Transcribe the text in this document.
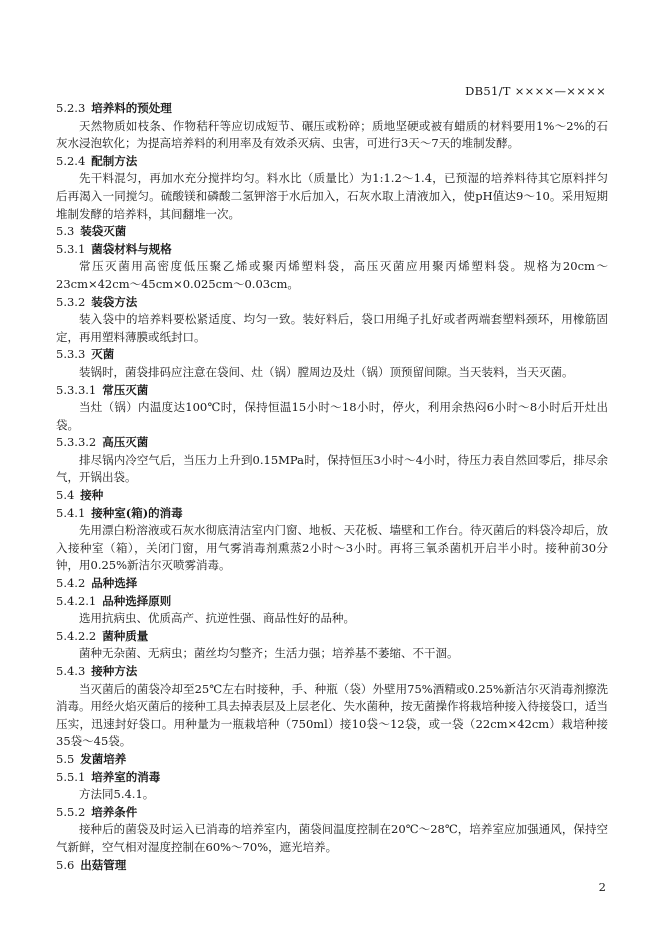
DB51/T ××××—××××
5.2.3 培养料的预处理

天然物质如枝条、作物秸秆等应切成短节、碾压或粉碎；质地坚硬或被有蜡质的材料要用1%～2%的石灰水浸泡软化；为提高培养料的利用率及有效杀灭病、虫害，可进行3天～7天的堆制发酵。

5.2.4 配制方法

先干料混匀，再加水充分搅拌均匀。料水比（质量比）为1:1.2～1.4，已预湿的培养料待其它原料拌匀后再渴入一同搅匀。硫酸镁和磷酸二氢钾溶于水后加入，石灰水取上清液加入，使pH值达9～10。采用短期堆制发酵的培养料，其间翻堆一次。

5.3 装袋灭菌
5.3.1 菌袋材料与规格

常压灭菌用高密度低压聚乙烯或聚丙烯塑料袋，高压灭菌应用聚丙烯塑料袋。规格为20cm～23cm×42cm～45cm×0.025cm～0.03cm。

5.3.2 装袋方法

装入袋中的培养料要松紧适度、均匀一致。装好料后，袋口用绳子扎好或者两端套塑料颈环，用橡筋固定，再用塑料薄膜或纸封口。

5.3.3 灭菌

装锅时，菌袋排码应注意在袋间、灶（锅）膛周边及灶（锅）顶预留间隙。当天装料，当天灭菌。

5.3.3.1 常压灭菌

当灶（锅）内温度达100℃时，保持恒温15小时～18小时，停火，利用余热闷6小时～8小时后开灶出袋。

5.3.3.2 高压灭菌

排尽锅内冷空气后，当压力上升到0.15MPa时，保持恒压3小时～4小时，待压力表自然回零后，排尽余气，开锅出袋。

5.4 接种
5.4.1 接种室(箱)的消毒

先用漂白粉溶液或石灰水彻底清洁室内门窗、地板、天花板、墙壁和工作台。待灭菌后的料袋冷却后，放入接种室（箱），关闭门窗，用气雾消毒剂熏蒸2小时～3小时。再将三氧杀菌机开启半小时。接种前30分钟，用0.25%新洁尔灭喷雾消毒。

5.4.2 品种选择
5.4.2.1 品种选择原则

选用抗病虫、优质高产、抗逆性强、商品性好的品种。

5.4.2.2 菌种质量

菌种无杂菌、无病虫；菌丝均匀整齐；生活力强；培养基不萎缩、不干涸。

5.4.3 接种方法

当灭菌后的菌袋冷却至25℃左右时接种，手、种瓶（袋）外壁用75%酒精或0.25%新洁尔灭消毒剂擦洗消毒。用经火焰灭菌后的接种工具去掉表层及上层老化、失水菌种，按无菌操作将栽培种接入待接袋口，适当压实，迅速封好袋口。用种量为一瓶栽培种（750ml）接10袋～12袋，或一袋（22cm×42cm）栽培种接35袋～45袋。

5.5 发菌培养
5.5.1 培养室的消毒

方法同5.4.1。

5.5.2 培养条件

接种后的菌袋及时运入已消毒的培养室内，菌袋间温度控制在20℃～28℃，培养室应加强通风，保持空气新鲜，空气相对湿度控制在60%～70%，遮光培养。

5.6 出菇管理
2
